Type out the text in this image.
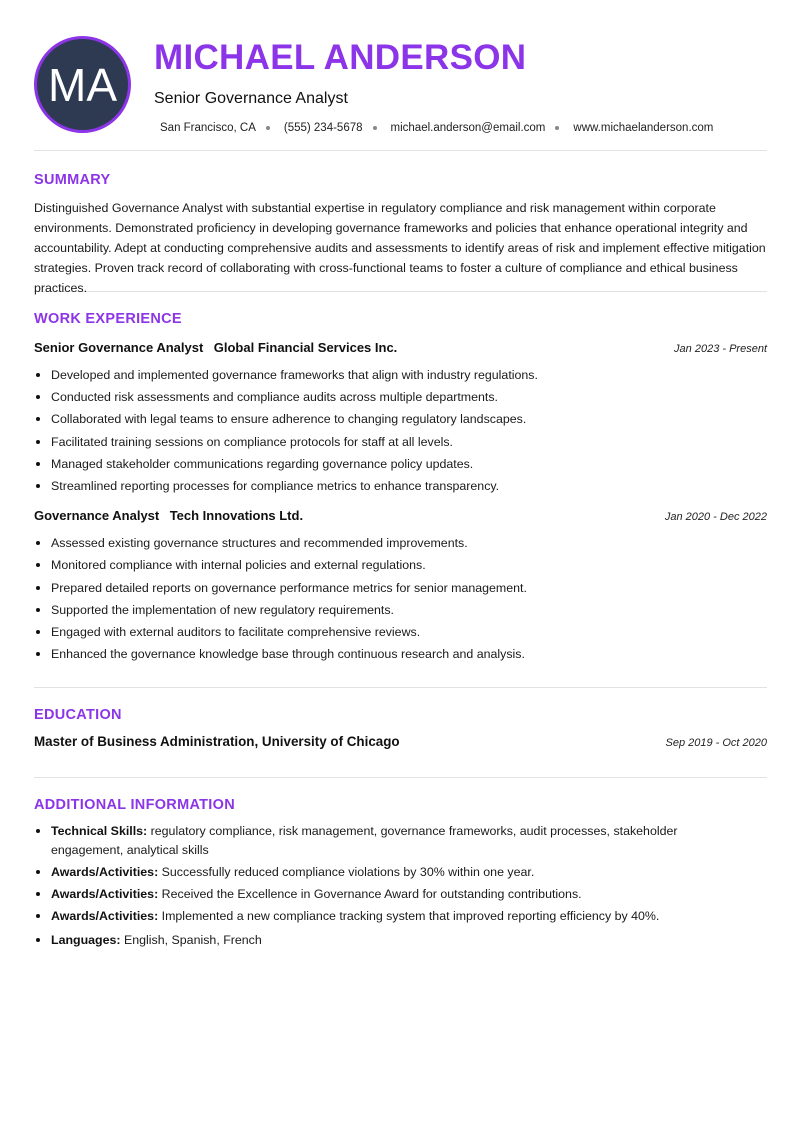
MA
MICHAEL ANDERSON
Senior Governance Analyst
San Francisco, CA (555) 234-5678 michael.anderson@email.com www.michaelanderson.com
SUMMARY

Distinguished Governance Analyst with substantial expertise in regulatory compliance and risk management within corporate environments. Demonstrated proficiency in developing governance frameworks and policies that enhance operational integrity and accountability. Adept at conducting comprehensive audits and assessments to identify areas of risk and implement effective mitigation strategies. Proven track record of collaborating with cross-functional teams to foster a culture of compliance and ethical business practices.

WORK EXPERIENCE
Senior Governance Analyst Global Financial Services Inc.	Jan 2023 - Present
Developed and implemented governance frameworks that align with industry regulations.
Conducted risk assessments and compliance audits across multiple departments.
Collaborated with legal teams to ensure adherence to changing regulatory landscapes.
Facilitated training sessions on compliance protocols for staff at all levels.
Managed stakeholder communications regarding governance policy updates.
Streamlined reporting processes for compliance metrics to enhance transparency.
Governance Analyst Tech Innovations Ltd.	Jan 2020 - Dec 2022
Assessed existing governance structures and recommended improvements.
Monitored compliance with internal policies and external regulations.
Prepared detailed reports on governance performance metrics for senior management.
Supported the implementation of new regulatory requirements.
Engaged with external auditors to facilitate comprehensive reviews.
Enhanced the governance knowledge base through continuous research and analysis.
EDUCATION
Master of Business Administration, University of Chicago	Sep 2019 - Oct 2020
ADDITIONAL INFORMATION
Technical Skills: regulatory compliance, risk management, governance frameworks, audit processes, stakeholder engagement, analytical skills
Awards/Activities: Successfully reduced compliance violations by 30% within one year.
Awards/Activities: Received the Excellence in Governance Award for outstanding contributions.
Awards/Activities: Implemented a new compliance tracking system that improved reporting efficiency by 40%.
Languages: English , Spanish , French
